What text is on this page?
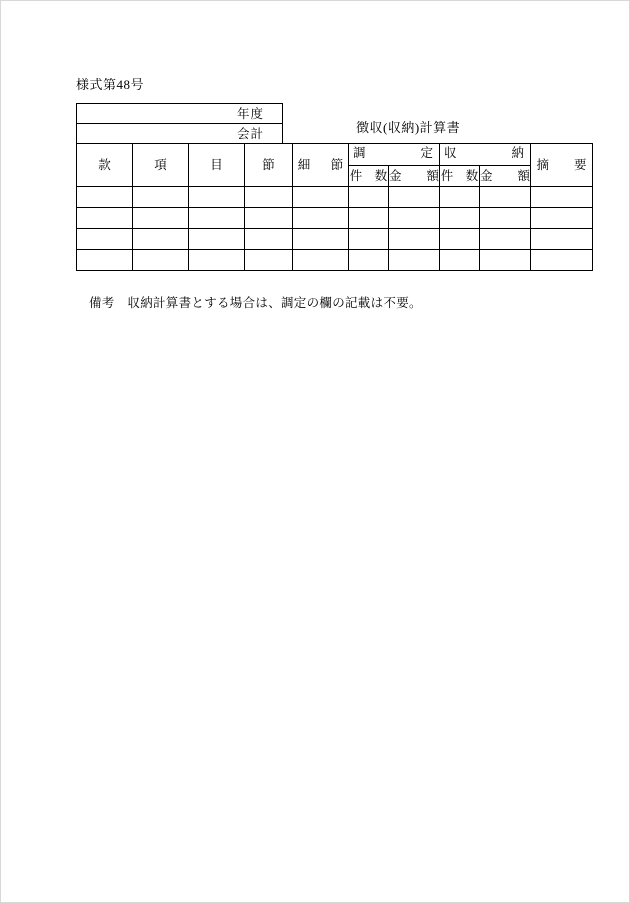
様式第48号
年度
会計	徴収(収納)計算書
款	項	目	節	細　節	調 定		収 納		摘　　要
					件　数	金　　額	件　数	金　　額	

備考　収納計算書とする場合は、調定の欄の記載は不要。
